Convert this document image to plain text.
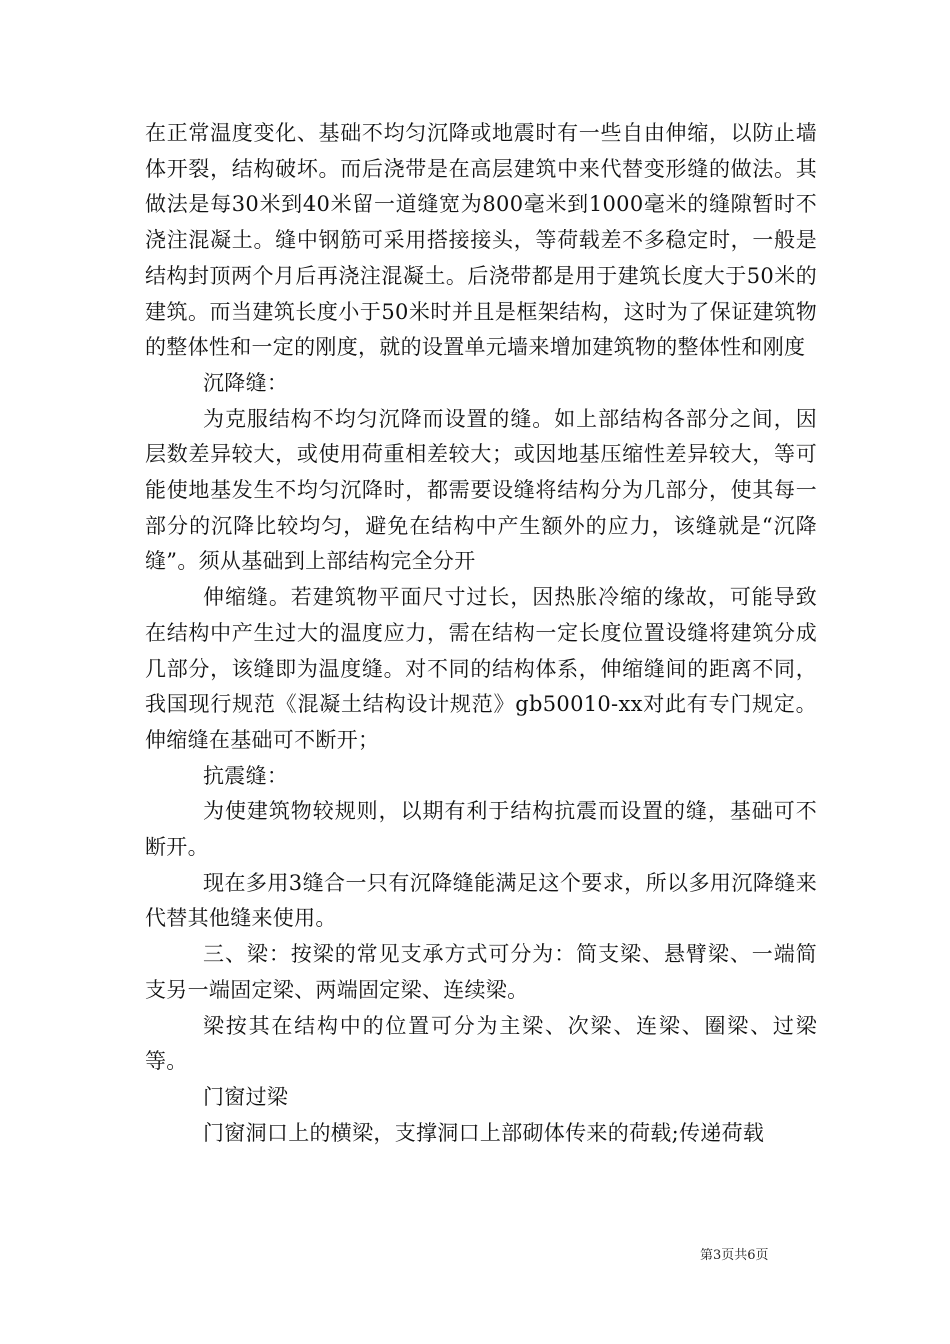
在正常温度变化、基础不均匀沉降或地震时有一些自由伸缩，以防止墙体开裂，结构破坏。而后浇带是在高层建筑中来代替变形缝的做法。其做法是每30米到40米留一道缝宽为800毫米到1000毫米的缝隙暂时不浇注混凝土。缝中钢筋可采用搭接接头，等荷载差不多稳定时，一般是结构封顶两个月后再浇注混凝土。后浇带都是用于建筑长度大于50米的建筑。而当建筑长度小于50米时并且是框架结构，这时为了保证建筑物的整体性和一定的刚度，就的设置单元墙来增加建筑物的整体性和刚度

沉降缝：

为克服结构不均匀沉降而设置的缝。如上部结构各部分之间，因层数差异较大，或使用荷重相差较大；或因地基压缩性差异较大，等可能使地基发生不均匀沉降时，都需要设缝将结构分为几部分，使其每一部分的沉降比较均匀，避免在结构中产生额外的应力，该缝就是“沉降缝”。须从基础到上部结构完全分开

伸缩缝。若建筑物平面尺寸过长，因热胀冷缩的缘故，可能导致在结构中产生过大的温度应力，需在结构一定长度位置设缝将建筑分成几部分，该缝即为温度缝。对不同的结构体系，伸缩缝间的距离不同，我国现行规范《混凝土结构设计规范》gb50010-xx对此有专门规定。伸缩缝在基础可不断开；

抗震缝：

为使建筑物较规则，以期有利于结构抗震而设置的缝，基础可不断开。

现在多用3缝合一只有沉降缝能满足这个要求，所以多用沉降缝来代替其他缝来使用。

三、梁：按梁的常见支承方式可分为：简支梁、悬臂梁、一端简支另一端固定梁、两端固定梁、连续梁。

梁按其在结构中的位置可分为主梁、次梁、连梁、圈梁、过梁等。

门窗过梁

门窗洞口上的横梁，支撑洞口上部砌体传来的荷载;传递荷载

第3页共6页
